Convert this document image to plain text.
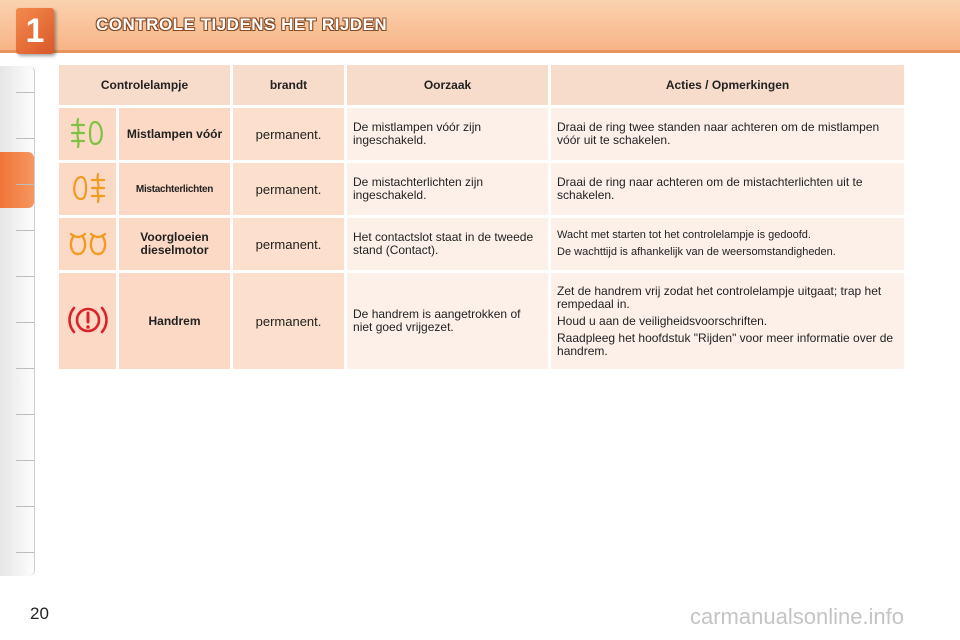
1	CONTROLE TIJDENS HET RIJDEN
Controlelampje		brandt	Oorzaak	Acties / Opmerkingen
	Mistlampen vóór	permanent.	De mistlampen vóór zijn ingeschakeld.	Draai de ring twee standen naar achteren om de mistlampen vóór uit te schakelen.

	Mistachterlichten	permanent.	De mistachterlichten zijn ingeschakeld.	Draai de ring naar achteren om de mistachterlichten uit te schakelen.

	Voorgloeien dieselmotor	permanent.	Het contactslot staat in de tweede stand (Contact).	Wacht met starten tot het controlelampje is gedoofd.

De wachttijd is afhankelijk van de weersomstandigheden.

	Handrem	permanent.	De handrem is aangetrokken of niet goed vrijgezet.	Zet de handrem vrij zodat het controlelampje uitgaat; trap het rempedaal in.

Houd u aan de veiligheidsvoorschriften.

Raadpleeg het hoofdstuk "Rijden" voor meer informatie over de handrem.

20	carmanualsonline.info
